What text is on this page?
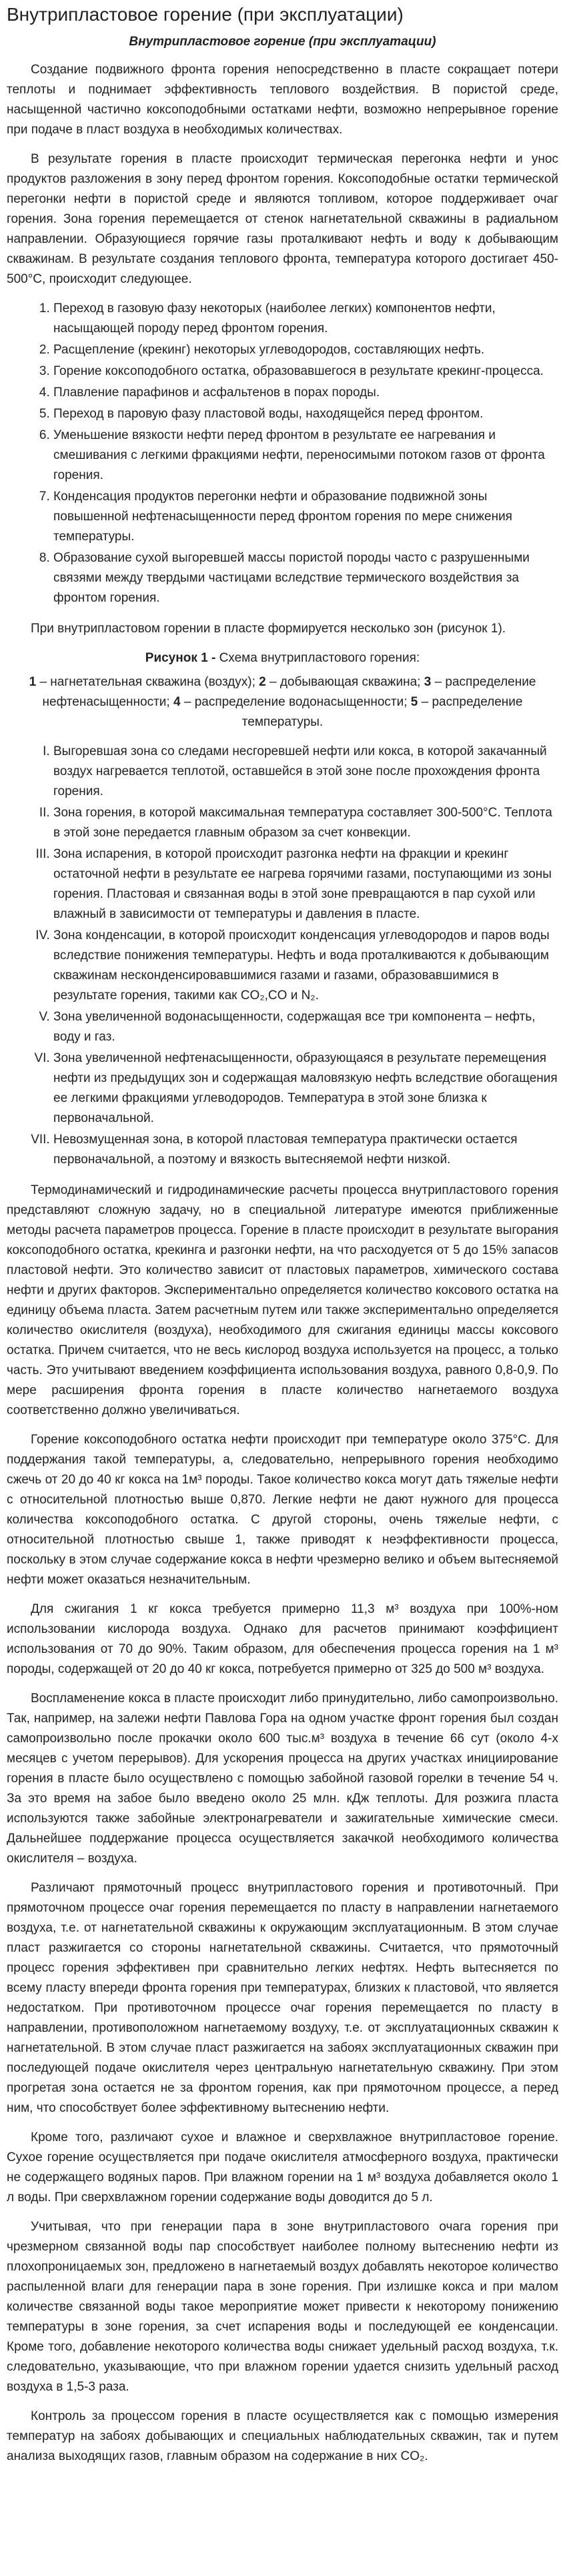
Внутрипластовое горение (при эксплуатации)
Внутрипластовое горение (при эксплуатации)

Создание подвижного фронта горения непосредственно в пласте сокращает потери теплоты и поднимает эффективность теплового воздействия. В пористой среде, насыщенной частично коксоподобными остатками нефти, возможно непрерывное горение при подаче в пласт воздуха в необходимых количествах.

В результате горения в пласте происходит термическая перегонка нефти и унос продуктов разложения в зону перед фронтом горения. Коксоподобные остатки термической перегонки нефти в пористой среде и являются топливом, которое поддерживает очаг горения. Зона горения перемещается от стенок нагнетательной скважины в радиальном направлении. Образующиеся горячие газы проталкивают нефть и воду к добывающим скважинам. В результате создания теплового фронта, температура которого достигает 450-500°С, происходит следующее.

1. Переход в газовую фазу некоторых (наиболее легких) компонентов нефти, насыщающей породу перед фронтом горения.
2. Расщепление (крекинг) некоторых углеводородов, составляющих нефть.
3. Горение коксоподобного остатка, образовавшегося в результате крекинг-процесса.
4. Плавление парафинов и асфальтенов в порах породы.
5. Переход в паровую фазу пластовой воды, находящейся перед фронтом.
6. Уменьшение вязкости нефти перед фронтом в результате ее нагревания и смешивания с легкими фракциями нефти, переносимыми потоком газов от фронта горения.
7. Конденсация продуктов перегонки нефти и образование подвижной зоны повышенной нефтенасыщенности перед фронтом горения по мере снижения температуры.
8. Образование сухой выгоревшей массы пористой породы часто с разрушенными связями между твердыми частицами вследствие термического воздействия за фронтом горения.

При внутрипластовом горении в пласте формируется несколько зон (рисунок 1).

Рисунок 1 - Схема внутрипластового горения:
1 – нагнетательная скважина (воздух); 2 – добывающая скважина; 3 – распределение нефтенасыщенности; 4 – распределение водонасыщенности; 5 – распределение температуры.
I. Выгоревшая зона со следами несгоревшей нефти или кокса, в которой закачанный воздух нагревается теплотой, оставшейся в этой зоне после прохождения фронта горения.
II. Зона горения, в которой максимальная температура составляет 300-500°С. Теплота в этой зоне передается главным образом за счет конвекции.
III. Зона испарения, в которой происходит разгонка нефти на фракции и крекинг остаточной нефти в результате ее нагрева горячими газами, поступающими из зоны горения. Пластовая и связанная воды в этой зоне превращаются в пар сухой или влажный в зависимости от температуры и давления в пласте.
IV. Зона конденсации, в которой происходит конденсация углеводородов и паров воды вследствие понижения температуры. Нефть и вода проталкиваются к добывающим скважинам несконденсировавшимися газами и газами, образовавшимися в результате горения, такими как CO₂,CO и N₂.
V. Зона увеличенной водонасыщенности, содержащая все три компонента – нефть, воду и газ.
VI. Зона увеличенной нефтенасыщенности, образующаяся в результате перемещения нефти из предыдущих зон и содержащая маловязкую нефть вследствие обогащения ее легкими фракциями углеводородов. Температура в этой зоне близка к первоначальной.
VII. Невозмущенная зона, в которой пластовая температура практически остается первоначальной, а поэтому и вязкость вытесняемой нефти низкой.

Термодинамический и гидродинамические расчеты процесса внутрипластового горения представляют сложную задачу, но в специальной литературе имеются приближенные методы расчета параметров процесса. Горение в пласте происходит в результате выгорания коксоподобного остатка, крекинга и разгонки нефти, на что расходуется от 5 до 15% запасов пластовой нефти. Это количество зависит от пластовых параметров, химического состава нефти и других факторов. Экспериментально определяется количество коксового остатка на единицу объема пласта. Затем расчетным путем или также экспериментально определяется количество окислителя (воздуха), необходимого для сжигания единицы массы коксового остатка. Причем считается, что не весь кислород воздуха используется на процесс, а только часть. Это учитывают введением коэффициента использования воздуха, равного 0,8-0,9. По мере расширения фронта горения в пласте количество нагнетаемого воздуха соответственно должно увеличиваться.

Горение коксоподобного остатка нефти происходит при температуре около 375°С. Для поддержания такой температуры, а, следовательно, непрерывного горения необходимо сжечь от 20 до 40 кг кокса на 1м³ породы. Такое количество кокса могут дать тяжелые нефти с относительной плотностью выше 0,870. Легкие нефти не дают нужного для процесса количества коксоподобного остатка. С другой стороны, очень тяжелые нефти, с относительной плотностью свыше 1, также приводят к неэффективности процесса, поскольку в этом случае содержание кокса в нефти чрезмерно велико и объем вытесняемой нефти может оказаться незначительным.

Для сжигания 1 кг кокса требуется примерно 11,3 м³ воздуха при 100%-ном использовании кислорода воздуха. Однако для расчетов принимают коэффициент использования от 70 до 90%. Таким образом, для обеспечения процесса горения на 1 м³ породы, содержащей от 20 до 40 кг кокса, потребуется примерно от 325 до 500 м³ воздуха.

Воспламенение кокса в пласте происходит либо принудительно, либо самопроизвольно. Так, например, на залежи нефти Павлова Гора на одном участке фронт горения был создан самопроизвольно после прокачки около 600 тыс.м³ воздуха в течение 66 сут (около 4-х месяцев с учетом перерывов). Для ускорения процесса на других участках инициирование горения в пласте было осуществлено с помощью забойной газовой горелки в течение 54 ч. За это время на забое было введено около 25 млн. кДж теплоты. Для розжига пласта используются также забойные электронагреватели и зажигательные химические смеси. Дальнейшее поддержание процесса осуществляется закачкой необходимого количества окислителя – воздуха.

Различают прямоточный процесс внутрипластового горения и противоточный. При прямоточном процессе очаг горения перемещается по пласту в направлении нагнетаемого воздуха, т.е. от нагнетательной скважины к окружающим эксплуатационным. В этом случае пласт разжигается со стороны нагнетательной скважины. Считается, что прямоточный процесс горения эффективен при сравнительно легких нефтях. Нефть вытесняется по всему пласту впереди фронта горения при температурах, близких к пластовой, что является недостатком. При противоточном процессе очаг горения перемещается по пласту в направлении, противоположном нагнетаемому воздуху, т.е. от эксплуатационных скважин к нагнетательной. В этом случае пласт разжигается на забоях эксплуатационных скважин при последующей подаче окислителя через центральную нагнетательную скважину. При этом прогретая зона остается не за фронтом горения, как при прямоточном процессе, а перед ним, что способствует более эффективному вытеснению нефти.

Кроме того, различают сухое и влажное и сверхвлажное внутрипластовое горение. Сухое горение осуществляется при подаче окислителя атмосферного воздуха, практически не содержащего водяных паров. При влажном горении на 1 м³ воздуха добавляется около 1 л воды. При сверхвлажном горении содержание воды доводится до 5 л.

Учитывая, что при генерации пара в зоне внутрипластового очага горения при чрезмерном связанной воды пар способствует наиболее полному вытеснению нефти из плохопроницаемых зон, предложено в нагнетаемый воздух добавлять некоторое количество распыленной влаги для генерации пара в зоне горения. При излишке кокса и при малом количестве связанной воды такое мероприятие может привести к некоторому понижению температуры в зоне горения, за счет испарения воды и последующей ее конденсации. Кроме того, добавление некоторого количества воды снижает удельный расход воздуха, т.к. следовательно, указывающие, что при влажном горении удается снизить удельный расход воздуха в 1,5-3 раза.

Контроль за процессом горения в пласте осуществляется как с помощью измерения температур на забоях добывающих и специальных наблюдательных скважин, так и путем анализа выходящих газов, главным образом на содержание в них CO₂.
